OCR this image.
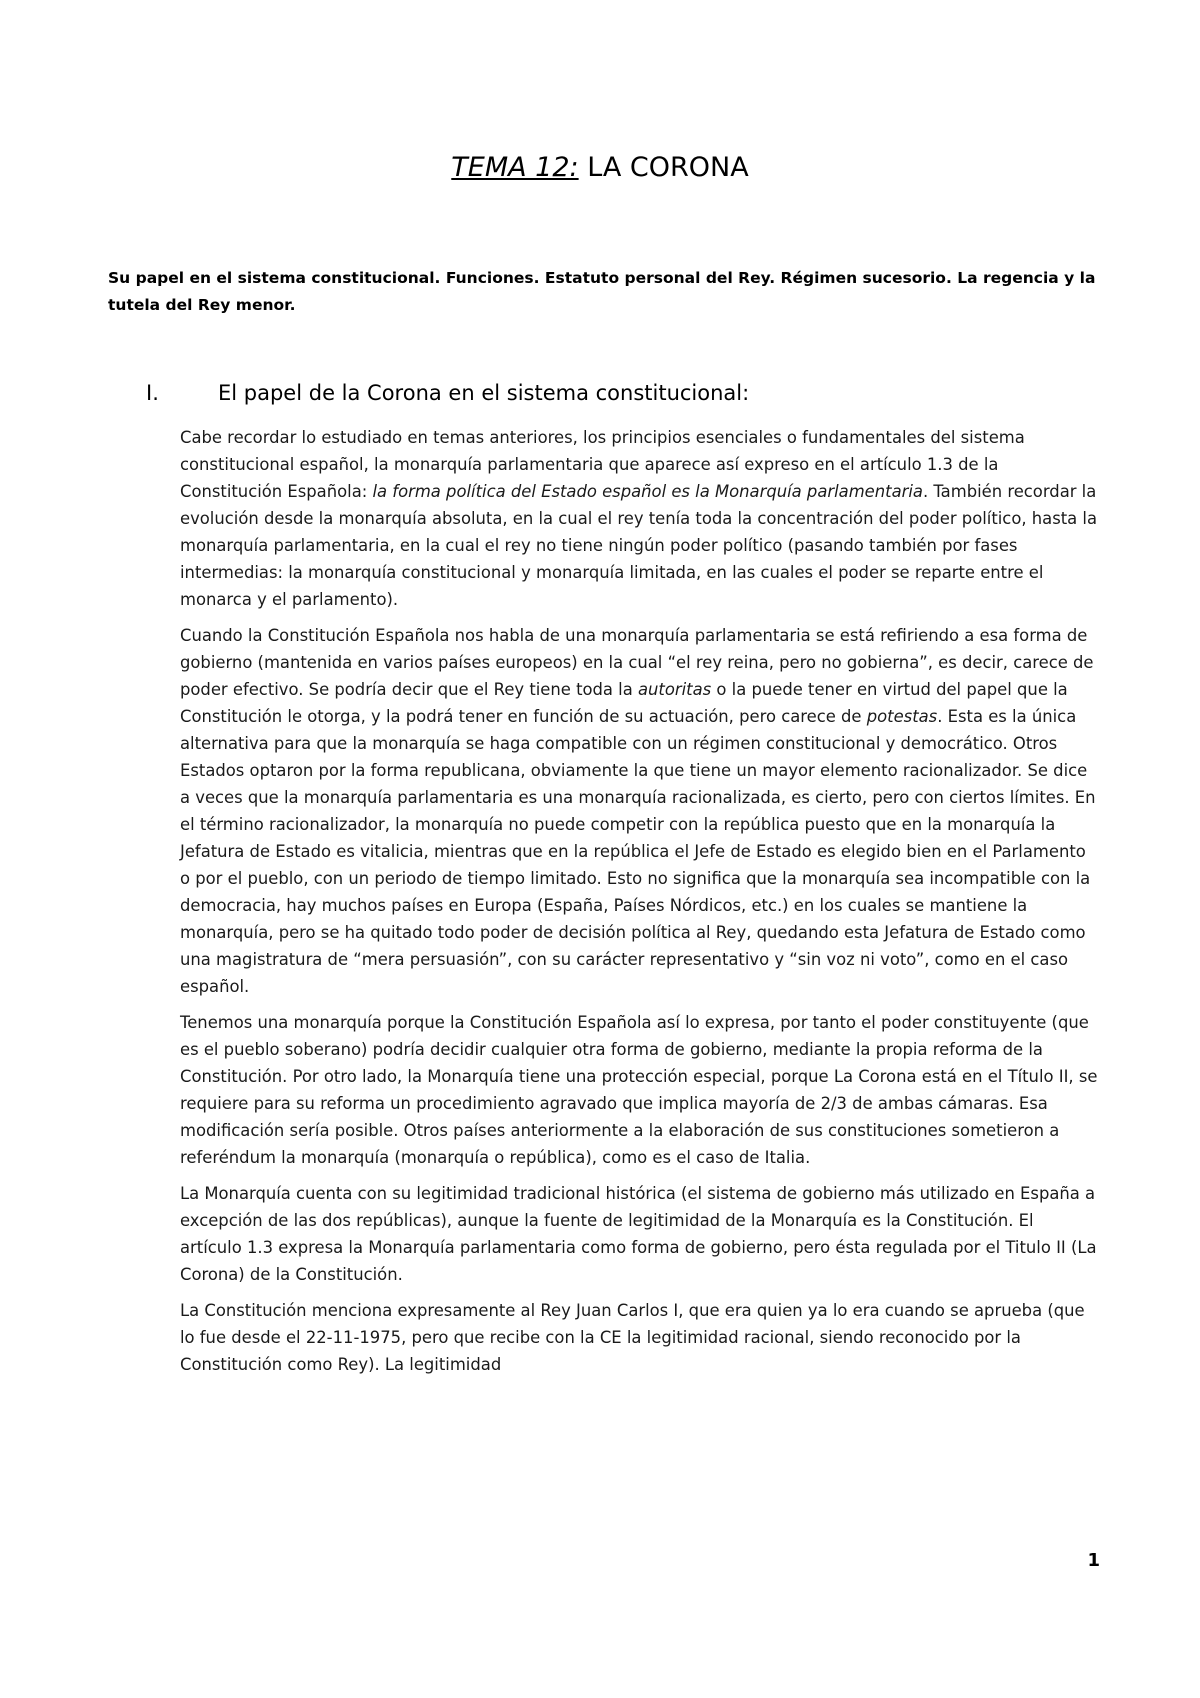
TEMA 12: LA CORONA
Su papel en el sistema constitucional. Funciones. Estatuto personal del Rey. Régimen sucesorio. La regencia y la tutela del Rey menor.
I.	El papel de la Corona en el sistema constitucional:

Cabe recordar lo estudiado en temas anteriores, los principios esenciales o fundamentales del sistema constitucional español, la monarquía parlamentaria que aparece así expreso en el artículo 1.3 de la Constitución Española: la forma política del Estado español es la Monarquía parlamentaria. También recordar la evolución desde la monarquía absoluta, en la cual el rey tenía toda la concentración del poder político, hasta la monarquía parlamentaria, en la cual el rey no tiene ningún poder político (pasando también por fases intermedias: la monarquía constitucional y monarquía limitada, en las cuales el poder se reparte entre el monarca y el parlamento).

Cuando la Constitución Española nos habla de una monarquía parlamentaria se está refiriendo a esa forma de gobierno (mantenida en varios países europeos) en la cual “el rey reina, pero no gobierna”, es decir, carece de poder efectivo. Se podría decir que el Rey tiene toda la autoritas o la puede tener en virtud del papel que la Constitución le otorga, y la podrá tener en función de su actuación, pero carece de potestas. Esta es la única alternativa para que la monarquía se haga compatible con un régimen constitucional y democrático. Otros Estados optaron por la forma republicana, obviamente la que tiene un mayor elemento racionalizador. Se dice a veces que la monarquía parlamentaria es una monarquía racionalizada, es cierto, pero con ciertos límites. En el término racionalizador, la monarquía no puede competir con la república puesto que en la monarquía la Jefatura de Estado es vitalicia, mientras que en la república el Jefe de Estado es elegido bien en el Parlamento o por el pueblo, con un periodo de tiempo limitado. Esto no significa que la monarquía sea incompatible con la democracia, hay muchos países en Europa (España, Países Nórdicos, etc.) en los cuales se mantiene la monarquía, pero se ha quitado todo poder de decisión política al Rey, quedando esta Jefatura de Estado como una magistratura de “mera persuasión”, con su carácter representativo y “sin voz ni voto”, como en el caso español.

Tenemos una monarquía porque la Constitución Española así lo expresa, por tanto el poder constituyente (que es el pueblo soberano) podría decidir cualquier otra forma de gobierno, mediante la propia reforma de la Constitución. Por otro lado, la Monarquía tiene una protección especial, porque La Corona está en el Título II, se requiere para su reforma un procedimiento agravado que implica mayoría de 2/3 de ambas cámaras. Esa modificación sería posible. Otros países anteriormente a la elaboración de sus constituciones sometieron a referéndum la monarquía (monarquía o república), como es el caso de Italia.

La Monarquía cuenta con su legitimidad tradicional histórica (el sistema de gobierno más utilizado en España a excepción de las dos repúblicas), aunque la fuente de legitimidad de la Monarquía es la Constitución. El artículo 1.3 expresa la Monarquía parlamentaria como forma de gobierno, pero ésta regulada por el Titulo II (La Corona) de la Constitución.

La Constitución menciona expresamente al Rey Juan Carlos I, que era quien ya lo era cuando se aprueba (que lo fue desde el 22-11-1975, pero que recibe con la CE la legitimidad racional, siendo reconocido por la Constitución como Rey). La legitimidad

1
